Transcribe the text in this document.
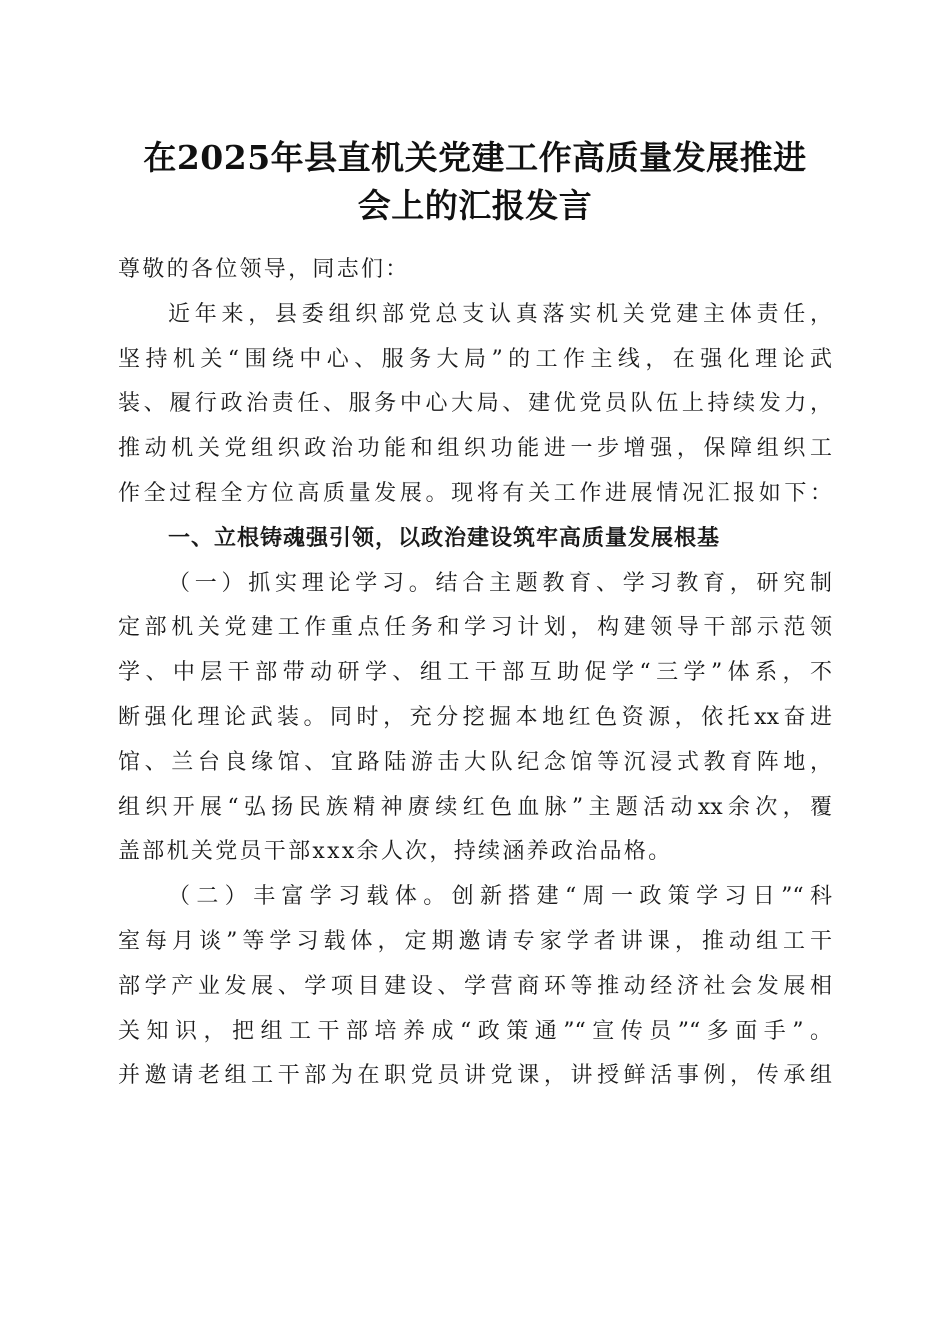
在2025年县直机关党建工作高质量发展推进
会上的汇报发言
尊敬的各位领导，同志们：
近年来，县委组织部党总支认真落实机关党建主体责任，
坚持机关“围绕中心、服务大局”的工作主线，在强化理论武
装、履行政治责任、服务中心大局、建优党员队伍上持续发力，
推动机关党组织政治功能和组织功能进一步增强，保障组织工
作全过程全方位高质量发展。现将有关工作进展情况汇报如下：
一、立根铸魂强引领，以政治建设筑牢高质量发展根基
（一）抓实理论学习。结合主题教育、学习教育，研究制
定部机关党建工作重点任务和学习计划，构建领导干部示范领
学、中层干部带动研学、组工干部互助促学“三学”体系，不
断强化理论武装。同时，充分挖掘本地红色资源，依托xx奋进
馆、兰台良缘馆、宜路陆游击大队纪念馆等沉浸式教育阵地，
组织开展“弘扬民族精神赓续红色血脉”主题活动xx余次，覆
盖部机关党员干部xxx余人次，持续涵养政治品格。
（二）丰富学习载体。创新搭建“周一政策学习日”“科
室每月谈”等学习载体，定期邀请专家学者讲课，推动组工干
部学产业发展、学项目建设、学营商环等推动经济社会发展相
关知识，把组工干部培养成“政策通”“宣传员”“多面手”。
并邀请老组工干部为在职党员讲党课，讲授鲜活事例，传承组
